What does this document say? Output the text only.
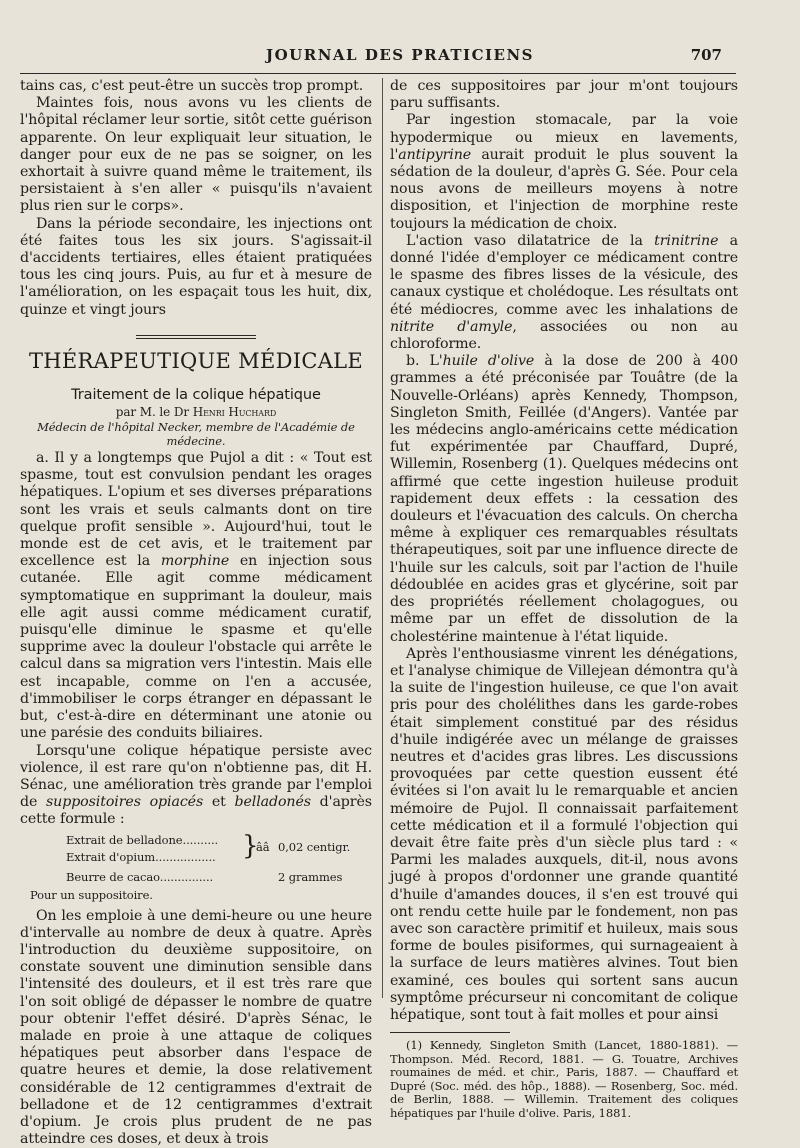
JOURNAL DES PRATICIENS	707

tains cas, c'est peut-être un succès trop prompt.

Maintes fois, nous avons vu les clients de l'hôpital réclamer leur sortie, sitôt cette guérison apparente. On leur expliquait leur situation, le danger pour eux de ne pas se soigner, on les exhortait à suivre quand même le traitement, ils persistaient à s'en aller « puisqu'ils n'avaient plus rien sur le corps».

Dans la période secondaire, les injections ont été faites tous les six jours. S'agissait-il d'accidents tertiaires, elles étaient pratiquées tous les cinq jours. Puis, au fur et à mesure de l'amélioration, on les espaçait tous les huit, dix, quinze et vingt jours

THÉRAPEUTIQUE MÉDICALE
Traitement de la colique hépatique
par M. le Dr Henri Huchard
Médecin de l'hôpital Necker, membre de l'Académie de médecine.

a. Il y a longtemps que Pujol a dit : « Tout est spasme, tout est convulsion pendant les orages hépatiques. L'opium et ses diverses préparations sont les vrais et seuls calmants dont on tire quelque profit sensible ». Aujourd'hui, tout le monde est de cet avis, et le traitement par excellence est la morphine en injection sous cutanée. Elle agit comme médicament symptomatique en supprimant la douleur, mais elle agit aussi comme médicament curatif, puisqu'elle diminue le spasme et qu'elle supprime avec la douleur l'obstacle qui arrête le calcul dans sa migration vers l'intestin. Mais elle est incapable, comme on l'en a accusée, d'immobiliser le corps étranger en dépassant le but, c'est-à-dire en déterminant une atonie ou une parésie des conduits biliaires.

Lorsqu'une colique hépatique persiste avec violence, il est rare qu'on n'obtienne pas, dit H. Sénac, une amélioration très grande par l'emploi de suppositoires opiacés et belladonés d'après cette formule :

Extrait de belladone..........
Extrait d'opium................. }
ââ 0,02 centigr.
Beurre de cacao...............	2 grammes
Pour un suppositoire.

On les emploie à une demi-heure ou une heure d'intervalle au nombre de deux à quatre. Après l'introduction du deuxième suppositoire, on constate souvent une diminution sensible dans l'intensité des douleurs, et il est très rare que l'on soit obligé de dépasser le nombre de quatre pour obtenir l'effet désiré. D'après Sénac, le malade en proie à une attaque de coliques hépatiques peut absorber dans l'espace de quatre heures et demie, la dose relativement considérable de 12 centigrammes d'extrait de belladone et de 12 centigrammes d'extrait d'opium. Je crois plus prudent de ne pas atteindre ces doses, et deux à trois

de ces suppositoires par jour m'ont toujours paru suffisants.

Par ingestion stomacale, par la voie hypodermique ou mieux en lavements, l'antipyrine aurait produit le plus souvent la sédation de la douleur, d'après G. Sée. Pour cela nous avons de meilleurs moyens à notre disposition, et l'injection de morphine reste toujours la médication de choix.

L'action vaso dilatatrice de la trinitrine a donné l'idée d'employer ce médicament contre le spasme des fibres lisses de la vésicule, des canaux cystique et cholédoque. Les résultats ont été médiocres, comme avec les inhalations de nitrite d'amyle, associées ou non au chloroforme.

b. L'huile d'olive à la dose de 200 à 400 grammes a été préconisée par Touâtre (de la Nouvelle-Orléans) après Kennedy, Thompson, Singleton Smith, Feillée (d'Angers). Vantée par les médecins anglo-américains cette médication fut expérimentée par Chauffard, Dupré, Willemin, Rosenberg (1). Quelques médecins ont affirmé que cette ingestion huileuse produit rapidement deux effets : la cessation des douleurs et l'évacuation des calculs. On chercha même à expliquer ces remarquables résultats thérapeutiques, soit par une influence directe de l'huile sur les calculs, soit par l'action de l'huile dédoublée en acides gras et glycérine, soit par des propriétés réellement cholagogues, ou même par un effet de dissolution de la cholestérine maintenue à l'état liquide.

Après l'enthousiasme vinrent les dénégations, et l'analyse chimique de Villejean démontra qu'à la suite de l'ingestion huileuse, ce que l'on avait pris pour des cholélithes dans les garde-robes était simplement constitué par des résidus d'huile indigérée avec un mélange de graisses neutres et d'acides gras libres. Les discussions provoquées par cette question eussent été évitées si l'on avait lu le remarquable et ancien mémoire de Pujol. Il connaissait parfaitement cette médication et il a formulé l'objection qui devait être faite près d'un siècle plus tard : « Parmi les malades auxquels, dit-il, nous avons jugé à propos d'ordonner une grande quantité d'huile d'amandes douces, il s'en est trouvé qui ont rendu cette huile par le fondement, non pas avec son caractère primitif et huileux, mais sous forme de boules pisiformes, qui surnageaient à la surface de leurs matières alvines. Tout bien examiné, ces boules qui sortent sans aucun symptôme précurseur ni concomitant de colique hépatique, sont tout à fait molles et pour ainsi

(1) Kennedy, Singleton Smith (Lancet, 1880-1881). — Thompson. Méd. Record, 1881. — G. Touatre, Archives roumaines de méd. et chir., Paris, 1887. — Chauffard et Dupré (Soc. méd. des hôp., 1888). — Rosenberg, Soc. méd. de Berlin, 1888. — Willemin. Traitement des coliques hépatiques par l'huile d'olive. Paris, 1881.
